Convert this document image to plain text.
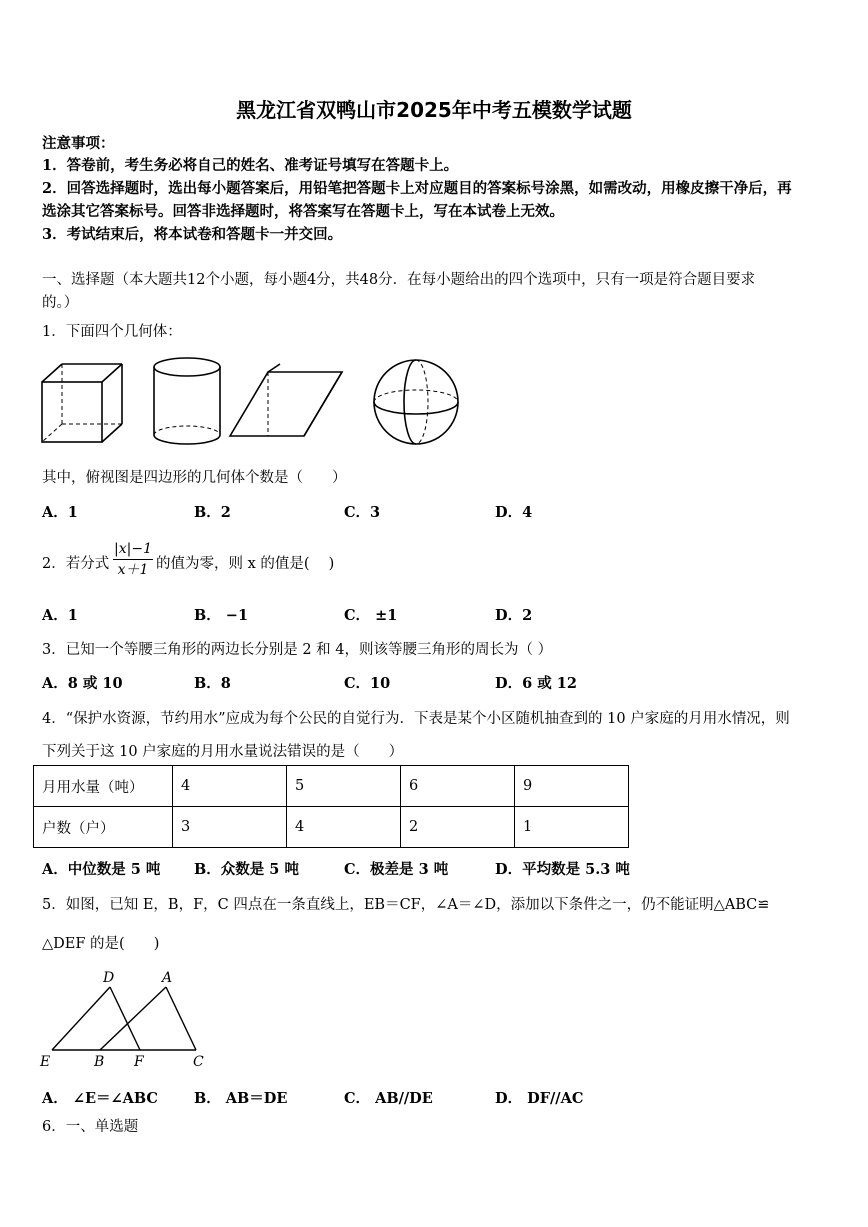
黑龙江省双鸭山市2025年中考五模数学试题
注意事项：
1．答卷前，考生务必将自己的姓名、准考证号填写在答题卡上。
2．回答选择题时，选出每小题答案后，用铅笔把答题卡上对应题目的答案标号涂黑，如需改动，用橡皮擦干净后，再
选涂其它答案标号。回答非选择题时，将答案写在答题卡上，写在本试卷上无效。
3．考试结束后，将本试卷和答题卡一并交回。
一、选择题（本大题共12个小题，每小题4分，共48分．在每小题给出的四个选项中，只有一项是符合题目要求
的。）
1．下面四个几何体：
其中，俯视图是四边形的几何体个数是（　　）
A．1	B．2	C．3	D．4
2．若分式
|x|−1
x＋1 的值为零，则 x 的值是(　 )
A．1	B． −1	C． ±1	D．2
3．已知一个等腰三角形的两边长分别是 2 和 4，则该等腰三角形的周长为（ ）
A．8 或 10	B．8	C．10	D．6 或 12
4．“保护水资源，节约用水”应成为每个公民的自觉行为．下表是某个小区随机抽查到的 10 户家庭的月用水情况，则
下列关于这 10 户家庭的月用水量说法错误的是（　　）
月用水量（吨）	4	5	6	9
户数（户）	3	4	2	1
A．中位数是 5 吨 B．众数是 5 吨	C．极差是 3 吨	D．平均数是 5.3 吨
5．如图，已知 E，B，F，C 四点在一条直线上，EB＝CF，∠A＝∠D，添加以下条件之一，仍不能证明△ABC≌
△DEF 的是(　　)
D	A
E	B F	C
A． ∠E＝∠ABC B． AB＝DE	C． AB//DE	D． DF//AC
6．一、单选题
